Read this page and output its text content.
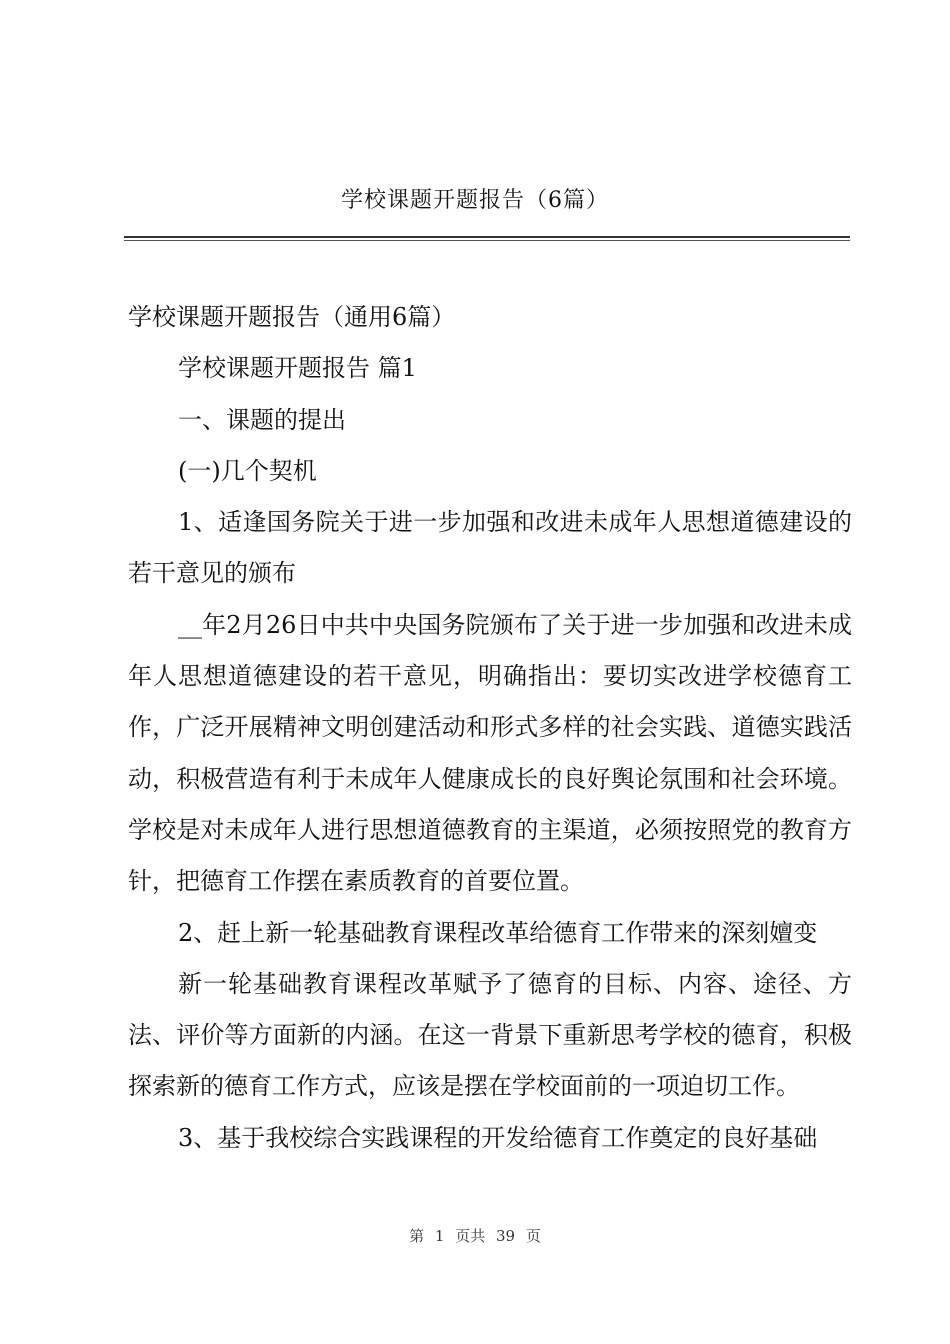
学校课题开题报告（6篇）

学校课题开题报告（通用6篇）

学校课题开题报告 篇1

一、课题的提出

(一)几个契机

1、适逢国务院关于进一步加强和改进未成年人思想道德建设的若干意见的颁布

__年2月26日中共中央国务院颁布了关于进一步加强和改进未成年人思想道德建设的若干意见，明确指出：要切实改进学校德育工作，广泛开展精神文明创建活动和形式多样的社会实践、道德实践活动，积极营造有利于未成年人健康成长的良好舆论氛围和社会环境。学校是对未成年人进行思想道德教育的主渠道，必须按照党的教育方针，把德育工作摆在素质教育的首要位置。

2、赶上新一轮基础教育课程改革给德育工作带来的深刻嬗变

新一轮基础教育课程改革赋予了德育的目标、内容、途径、方法、评价等方面新的内涵。在这一背景下重新思考学校的德育，积极探索新的德育工作方式，应该是摆在学校面前的一项迫切工作。

3、基于我校综合实践课程的开发给德育工作奠定的良好基础

第 1 页共 39 页
